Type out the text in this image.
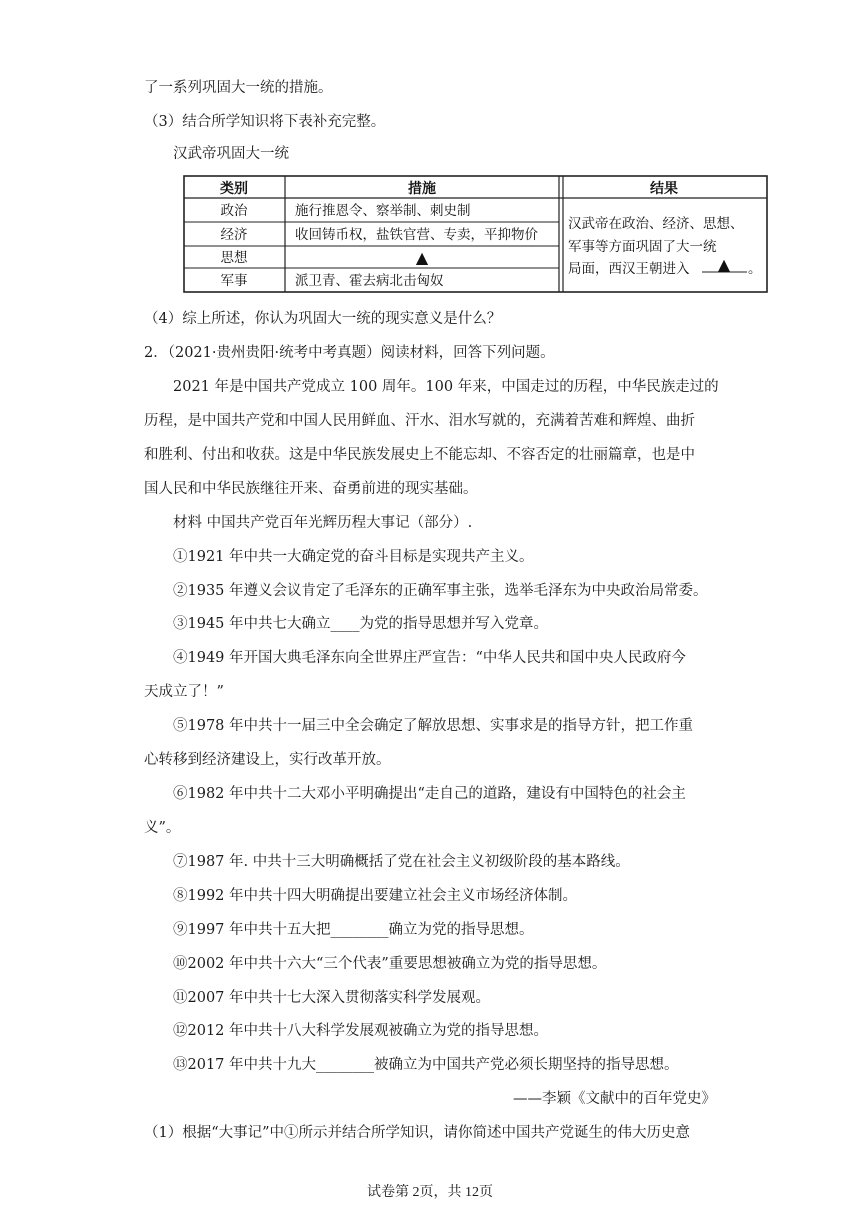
了一系列巩固大一统的措施。
（3）结合所学知识将下表补充完整。
汉武帝巩固大一统
类别	措施	结果
政治	施行推恩令、察举制、刺史制
经济	收回铸币权，盐铁官营、专卖，平抑物价
思想	▲
军事	派卫青、霍去病北击匈奴
汉武帝在政治、经济、思想、
军事等方面巩固了大一统
局面，西汉王朝进入 ▲ 。
（4）综上所述，你认为巩固大一统的现实意义是什么？
2．（2021·贵州贵阳·统考中考真题）阅读材料，回答下列问题。
2021 年是中国共产党成立 100 周年。100 年来，中国走过的历程，中华民族走过的
历程，是中国共产党和中国人民用鲜血、汗水、泪水写就的，充满着苦难和辉煌、曲折
和胜利、付出和收获。这是中华民族发展史上不能忘却、不容否定的壮丽篇章，也是中
国人民和中华民族继往开来、奋勇前进的现实基础。
材料 中国共产党百年光辉历程大事记（部分）.
①1921 年中共一大确定党的奋斗目标是实现共产主义。
②1935 年遵义会议肯定了毛泽东的正确军事主张，选举毛泽东为中央政治局常委。
③1945 年中共七大确立____为党的指导思想并写入党章。
④1949 年开国大典毛泽东向全世界庄严宣告：“中华人民共和国中央人民政府今
天成立了！”
⑤1978 年中共十一届三中全会确定了解放思想、实事求是的指导方针，把工作重
心转移到经济建设上，实行改革开放。
⑥1982 年中共十二大邓小平明确提出“走自己的道路，建设有中国特色的社会主
义”。
⑦1987 年. 中共十三大明确概括了党在社会主义初级阶段的基本路线。
⑧1992 年中共十四大明确提出要建立社会主义市场经济体制。
⑨1997 年中共十五大把________确立为党的指导思想。
⑩2002 年中共十六大“三个代表”重要思想被确立为党的指导思想。
⑪2007 年中共十七大深入贯彻落实科学发展观。
⑫2012 年中共十八大科学发展观被确立为党的指导思想。
⑬2017 年中共十九大________被确立为中国共产党必须长期坚持的指导思想。
——李颖《文献中的百年党史》
（1）根据“大事记”中①所示并结合所学知识，请你简述中国共产党诞生的伟大历史意
试卷第 2页，共 12页
